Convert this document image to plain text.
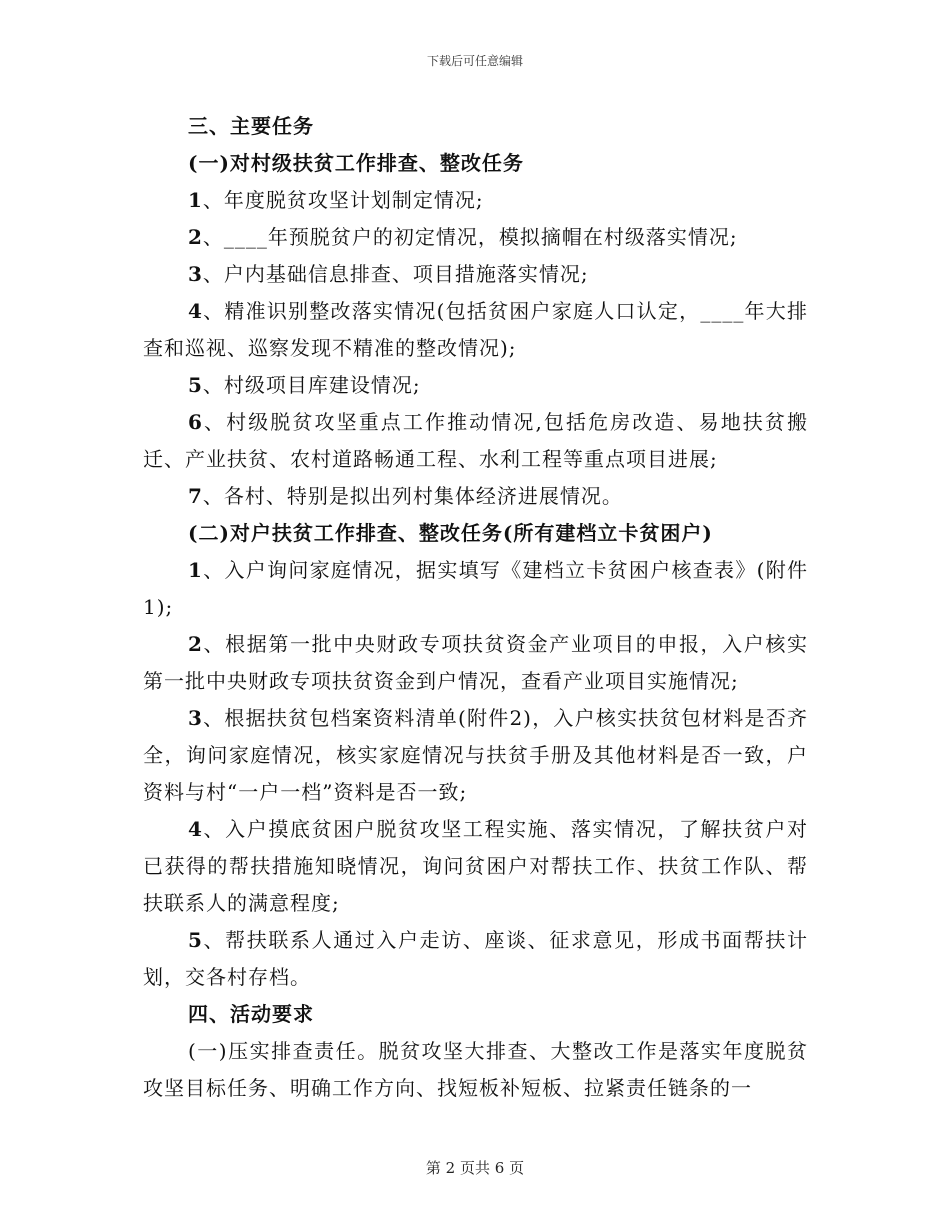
下载后可任意编辑

三、主要任务

(一)对村级扶贫工作排查、整改任务

1、年度脱贫攻坚计划制定情况;

2、____年预脱贫户的初定情况，模拟摘帽在村级落实情况;

3、户内基础信息排查、项目措施落实情况;

4、精准识别整改落实情况(包括贫困户家庭人口认定，____年大排查和巡视、巡察发现不精准的整改情况);

5、村级项目库建设情况;

6、村级脱贫攻坚重点工作推动情况,包括危房改造、易地扶贫搬迁、产业扶贫、农村道路畅通工程、水利工程等重点项目进展;

7、各村、特别是拟出列村集体经济进展情况。

(二)对户扶贫工作排查、整改任务(所有建档立卡贫困户)

1、入户询问家庭情况，据实填写《建档立卡贫困户核查表》(附件1);

2、根据第一批中央财政专项扶贫资金产业项目的申报，入户核实第一批中央财政专项扶贫资金到户情况，查看产业项目实施情况;

3、根据扶贫包档案资料清单(附件2)，入户核实扶贫包材料是否齐全，询问家庭情况，核实家庭情况与扶贫手册及其他材料是否一致，户资料与村“一户一档”资料是否一致;

4、入户摸底贫困户脱贫攻坚工程实施、落实情况，了解扶贫户对已获得的帮扶措施知晓情况，询问贫困户对帮扶工作、扶贫工作队、帮扶联系人的满意程度;

5、帮扶联系人通过入户走访、座谈、征求意见，形成书面帮扶计划，交各村存档。

四、活动要求

(一)压实排查责任。脱贫攻坚大排查、大整改工作是落实年度脱贫攻坚目标任务、明确工作方向、找短板补短板、拉紧责任链条的一

第 2 页共 6 页
